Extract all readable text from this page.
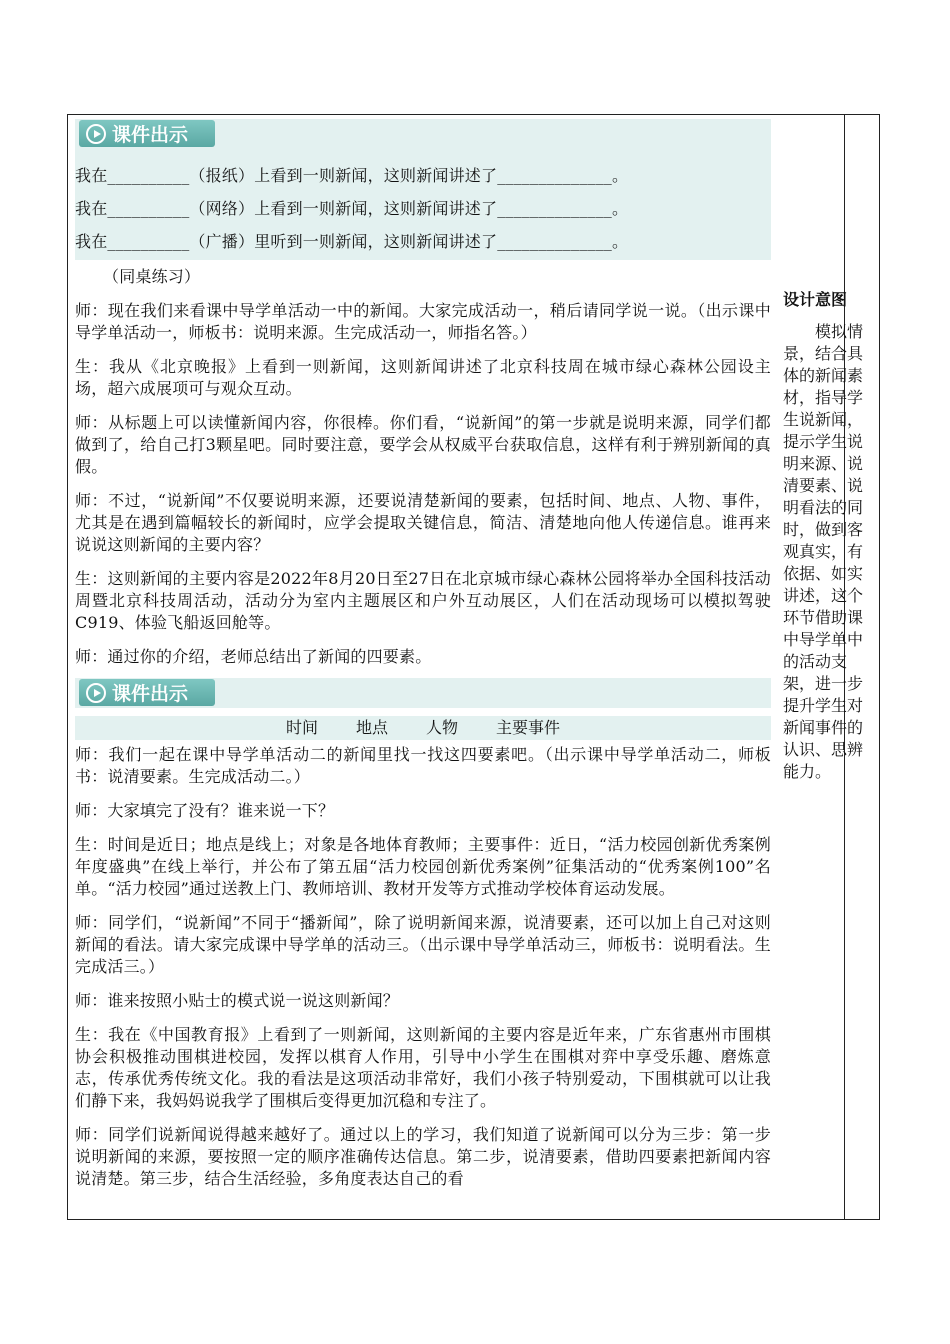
课件出示
我在__________（报纸）上看到一则新闻，这则新闻讲述了______________。
我在__________（网络）上看到一则新闻，这则新闻讲述了______________。
我在__________（广播）里听到一则新闻，这则新闻讲述了______________。

（同桌练习）

师：现在我们来看课中导学单活动一中的新闻。大家完成活动一，稍后请同学说一说。（出示课中导学单活动一，师板书：说明来源。生完成活动一，师指名答。）

生：我从《北京晚报》上看到一则新闻，这则新闻讲述了北京科技周在城市绿心森林公园设主场，超六成展项可与观众互动。

师：从标题上可以读懂新闻内容，你很棒。你们看，“说新闻”的第一步就是说明来源，同学们都做到了，给自己打3颗星吧。同时要注意，要学会从权威平台获取信息，这样有利于辨别新闻的真假。

师：不过，“说新闻”不仅要说明来源，还要说清楚新闻的要素，包括时间、地点、人物、事件，尤其是在遇到篇幅较长的新闻时，应学会提取关键信息，简洁、清楚地向他人传递信息。谁再来说说这则新闻的主要内容？

生：这则新闻的主要内容是2022年8月20日至27日在北京城市绿心森林公园将举办全国科技活动周暨北京科技周活动，活动分为室内主题展区和户外互动展区，人们在活动现场可以模拟驾驶C919、体验飞船返回舱等。

师：通过你的介绍，老师总结出了新闻的四要素。

课件出示
时间 地点 人物 主要事件

师：我们一起在课中导学单活动二的新闻里找一找这四要素吧。（出示课中导学单活动二，师板书：说清要素。生完成活动二。）

师：大家填完了没有？谁来说一下？

生：时间是近日；地点是线上；对象是各地体育教师；主要事件：近日，“活力校园创新优秀案例年度盛典”在线上举行，并公布了第五届“活力校园创新优秀案例”征集活动的“优秀案例100”名单。“活力校园”通过送教上门、教师培训、教材开发等方式推动学校体育运动发展。

师：同学们，“说新闻”不同于“播新闻”，除了说明新闻来源，说清要素，还可以加上自己对这则新闻的看法。请大家完成课中导学单的活动三。（出示课中导学单活动三，师板书：说明看法。生完成活三。）

师：谁来按照小贴士的模式说一说这则新闻？

生：我在《中国教育报》上看到了一则新闻，这则新闻的主要内容是近年来，广东省惠州市围棋协会积极推动围棋进校园，发挥以棋育人作用，引导中小学生在围棋对弈中享受乐趣、磨炼意志，传承优秀传统文化。我的看法是这项活动非常好，我们小孩子特别爱动，下围棋就可以让我们静下来，我妈妈说我学了围棋后变得更加沉稳和专注了。

师：同学们说新闻说得越来越好了。通过以上的学习，我们知道了说新闻可以分为三步：第一步说明新闻的来源，要按照一定的顺序准确传达信息。第二步，说清要素，借助四要素把新闻内容说清楚。第三步，结合生活经验，多角度表达自己的看

设计意图
模拟情景，结合具体的新闻素材，指导学生说新闻，提示学生说明来源、说清要素、说明看法的同时，做到客观真实，有依据、如实讲述，这个环节借助课中导学单中的活动支架，进一步提升学生对新闻事件的认识、思辨能力。
